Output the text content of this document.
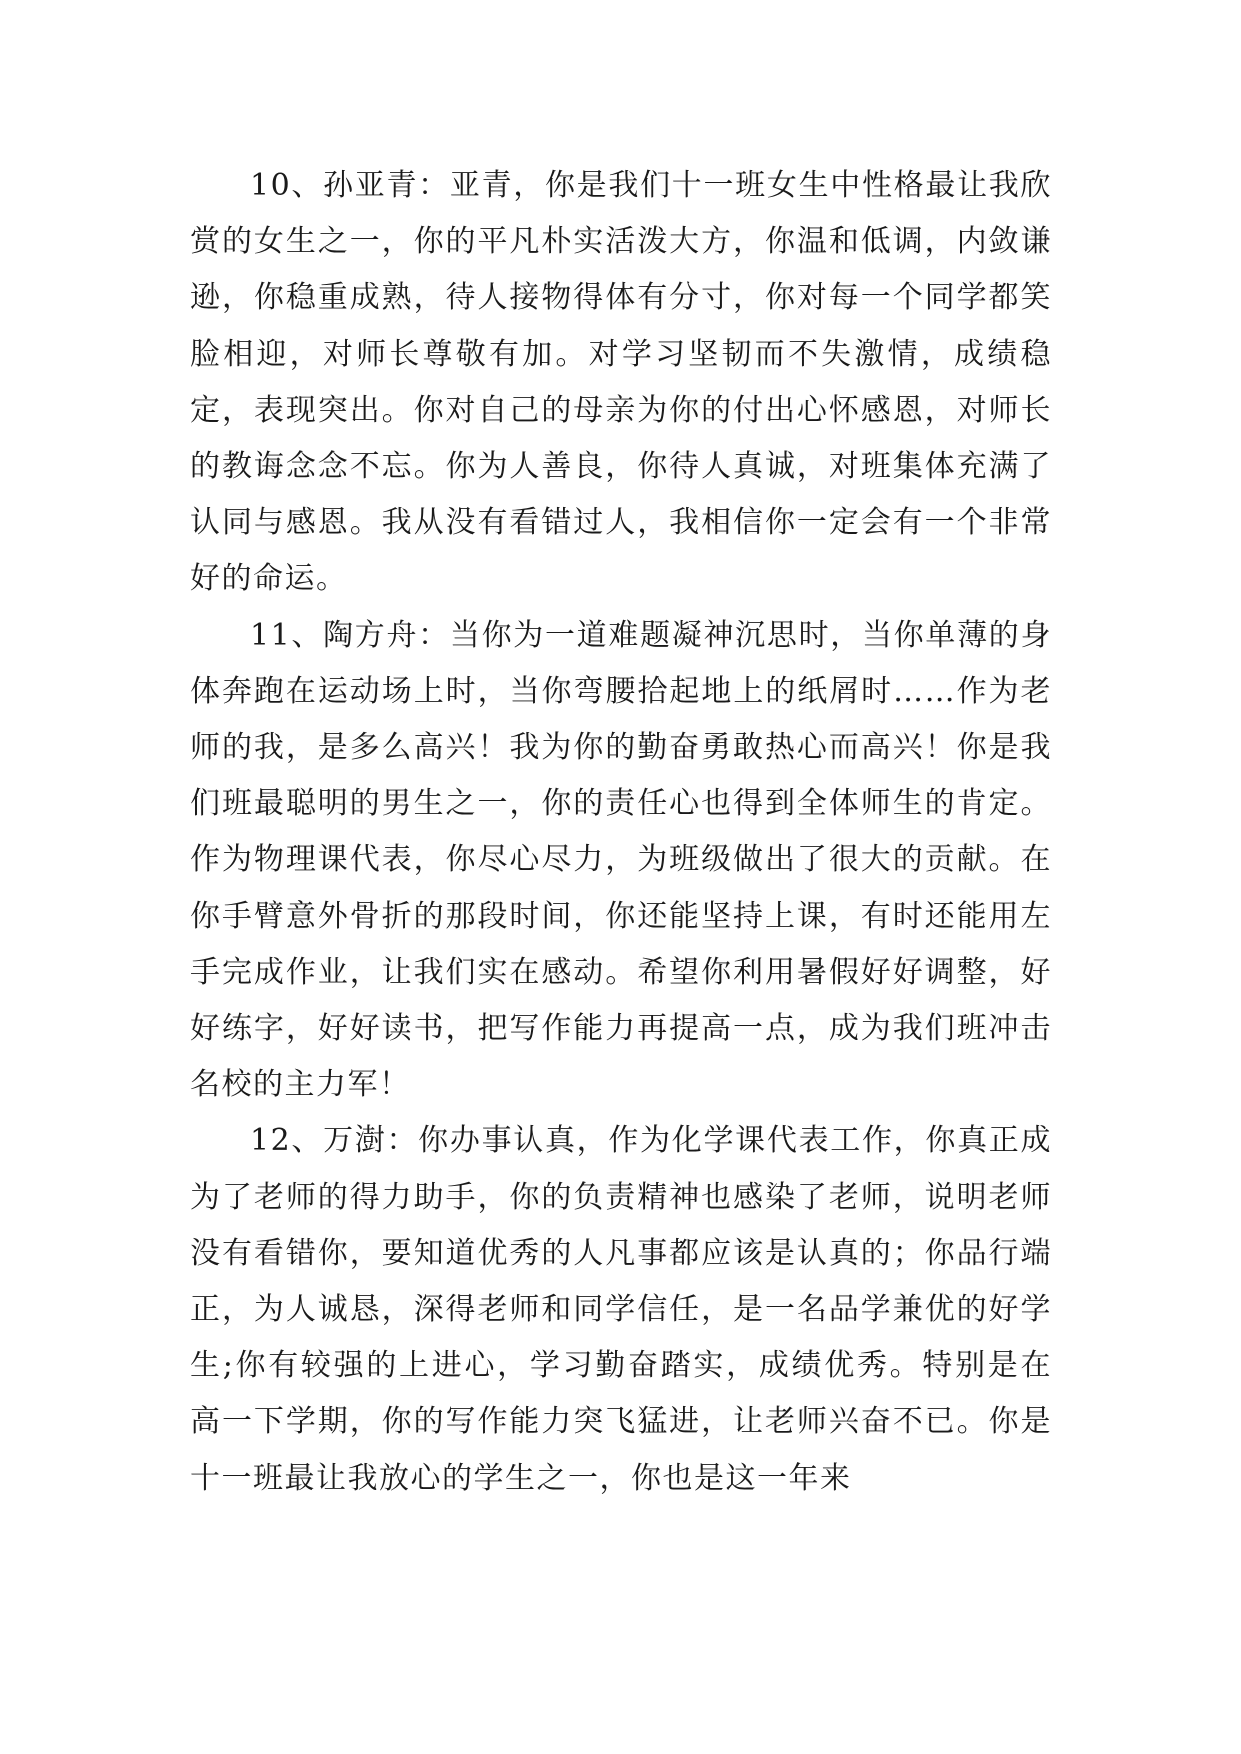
10、孙亚青：亚青，你是我们十一班女生中性格最让我欣赏的女生之一，你的平凡朴实活泼大方，你温和低调，内敛谦逊，你稳重成熟，待人接物得体有分寸，你对每一个同学都笑脸相迎，对师长尊敬有加。对学习坚韧而不失激情，成绩稳定，表现突出。你对自己的母亲为你的付出心怀感恩，对师长的教诲念念不忘。你为人善良，你待人真诚，对班集体充满了认同与感恩。我从没有看错过人，我相信你一定会有一个非常好的命运。

11、陶方舟：当你为一道难题凝神沉思时，当你单薄的身体奔跑在运动场上时，当你弯腰拾起地上的纸屑时……作为老师的我，是多么高兴！我为你的勤奋勇敢热心而高兴！你是我们班最聪明的男生之一，你的责任心也得到全体师生的肯定。作为物理课代表，你尽心尽力，为班级做出了很大的贡献。在你手臂意外骨折的那段时间，你还能坚持上课，有时还能用左手完成作业，让我们实在感动。希望你利用暑假好好调整，好好练字，好好读书，把写作能力再提高一点，成为我们班冲击名校的主力军！

12、万澍：你办事认真，作为化学课代表工作，你真正成为了老师的得力助手，你的负责精神也感染了老师，说明老师没有看错你，要知道优秀的人凡事都应该是认真的；你品行端正，为人诚恳，深得老师和同学信任，是一名品学兼优的好学生;你有较强的上进心，学习勤奋踏实，成绩优秀。特别是在高一下学期，你的写作能力突飞猛进，让老师兴奋不已。你是十一班最让我放心的学生之一，你也是这一年来
